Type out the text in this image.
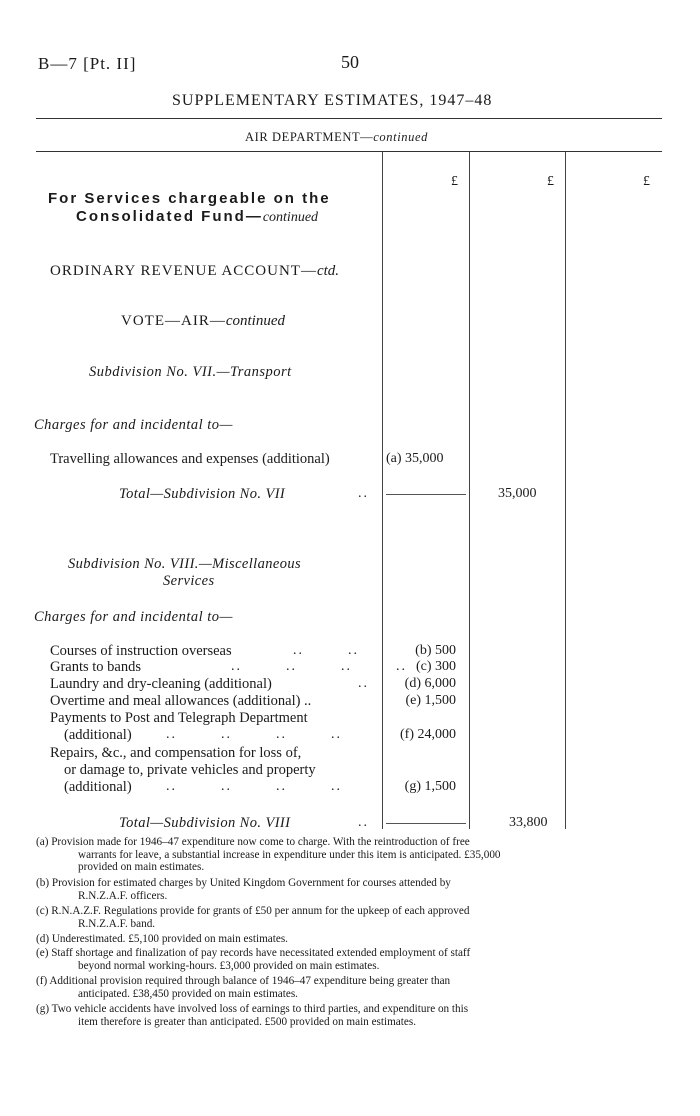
B—7 [Pt. II]	50
SUPPLEMENTARY ESTIMATES, 1947–48
AIR DEPARTMENT—continued
£	£	£
For Services chargeable on the
Consolidated Fund—continued
ORDINARY REVENUE ACCOUNT—ctd.
VOTE—AIR—continued
Subdivision No. VII.—Transport
Charges for and incidental to—
Travelling allowances and expenses (additional)	(a) 35,000
Total—Subdivision No. VII	..	35,000
Subdivision No. VIII.—Miscellaneous
Services
Charges for and incidental to—
Courses of instruction overseas	..        ..	(b) 500
Grants to bands	..        ..        ..        .. (c) 300
Laundry and dry-cleaning (additional)	..	(d) 6,000
Overtime and meal allowances (additional) ..	(e) 1,500
Payments to Post and Telegraph Department
(additional) ..        ..        ..        ..	(f) 24,000
Repairs, &c., and compensation for loss of,
or damage to, private vehicles and property
(additional) ..        ..        ..        ..	(g) 1,500
Total—Subdivision No. VIII	..	33,800
(a) Provision made for 1946–47 expenditure now come to charge. With the reintroduction of free
warrants for leave, a substantial increase in expenditure under this item is anticipated. £35,000
provided on main estimates.
(b) Provision for estimated charges by United Kingdom Government for courses attended by
R.N.Z.A.F. officers.
(c) R.N.A.Z.F. Regulations provide for grants of £50 per annum for the upkeep of each approved
R.N.Z.A.F. band.
(d) Underestimated. £5,100 provided on main estimates.
(e) Staff shortage and finalization of pay records have necessitated extended employment of staff
beyond normal working-hours. £3,000 provided on main estimates.
(f) Additional provision required through balance of 1946–47 expenditure being greater than
anticipated. £38,450 provided on main estimates.
(g) Two vehicle accidents have involved loss of earnings to third parties, and expenditure on this
item therefore is greater than anticipated. £500 provided on main estimates.
